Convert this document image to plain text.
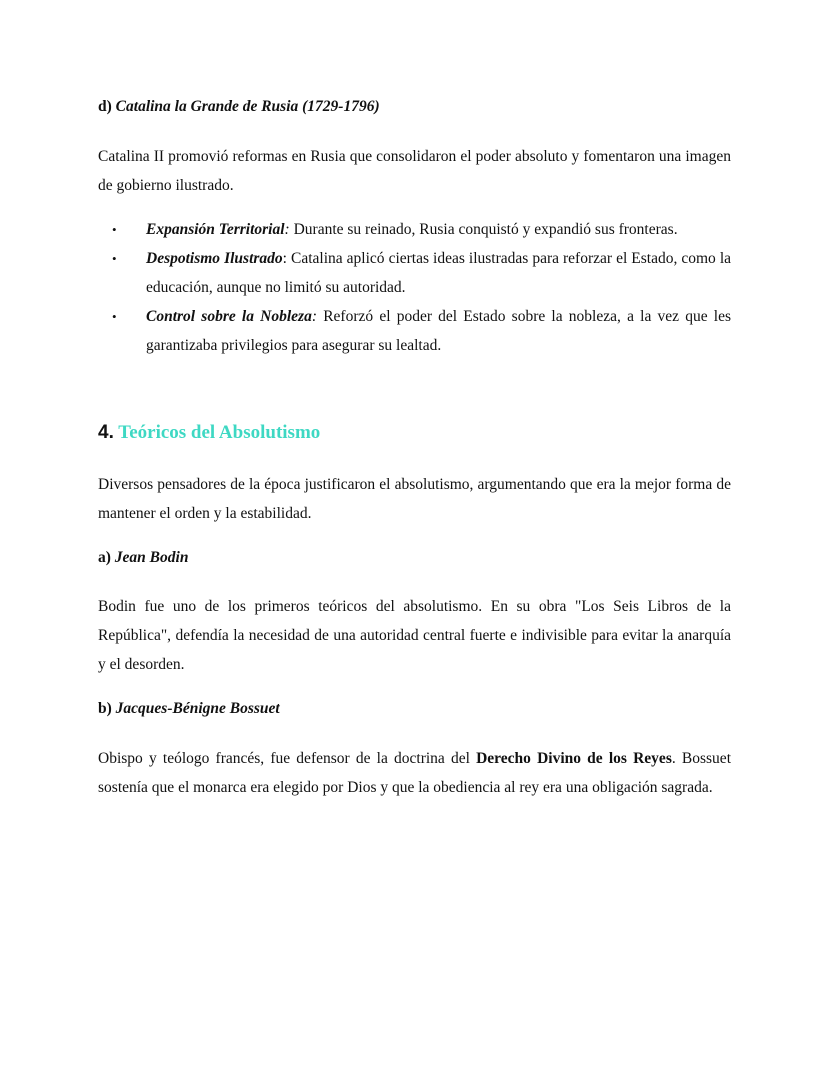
d) Catalina la Grande de Rusia (1729-1796)
Catalina II promovió reformas en Rusia que consolidaron el poder absoluto y fomentaron una imagen de gobierno ilustrado.
• Expansión Territorial: Durante su reinado, Rusia conquistó y expandió sus fronteras.
• Despotismo Ilustrado: Catalina aplicó ciertas ideas ilustradas para reforzar el Estado, como la educación, aunque no limitó su autoridad.
• Control sobre la Nobleza: Reforzó el poder del Estado sobre la nobleza, a la vez que les garantizaba privilegios para asegurar su lealtad.
4. Teóricos del Absolutismo
Diversos pensadores de la época justificaron el absolutismo, argumentando que era la mejor forma de mantener el orden y la estabilidad.
a) Jean Bodin
Bodin fue uno de los primeros teóricos del absolutismo. En su obra "Los Seis Libros de la República", defendía la necesidad de una autoridad central fuerte e indivisible para evitar la anarquía y el desorden.
b) Jacques-Bénigne Bossuet
Obispo y teólogo francés, fue defensor de la doctrina del Derecho Divino de los Reyes. Bossuet sostenía que el monarca era elegido por Dios y que la obediencia al rey era una obligación sagrada.
